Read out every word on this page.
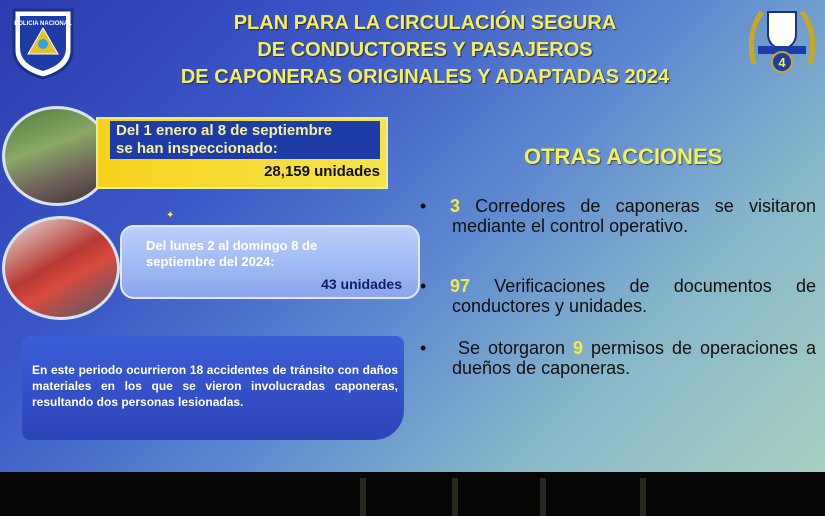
POLICIA NACIONAL	PLAN PARA LA CIRCULACIÓN SEGURA
DE CONDUCTORES Y PASAJEROS
DE CAPONERAS ORIGINALES Y ADAPTADAS 2024
4
Del 1 enero al 8 de septiembre
se han inspeccionado:
28,159 unidades
✦
Del lunes 2 al domingo 8 de
septiembre del 2024:
43 unidades
En este periodo ocurrieron 18 accidentes de tránsito con daños materiales en los que se vieron involucradas caponeras, resultando dos personas lesionadas.
OTRAS ACCIONES
• 3 Corredores de caponeras se visitaron mediante el control operativo.
• 97 Verificaciones de documentos de conductores y unidades.
• Se otorgaron 9 permisos de operaciones a dueños de caponeras.
